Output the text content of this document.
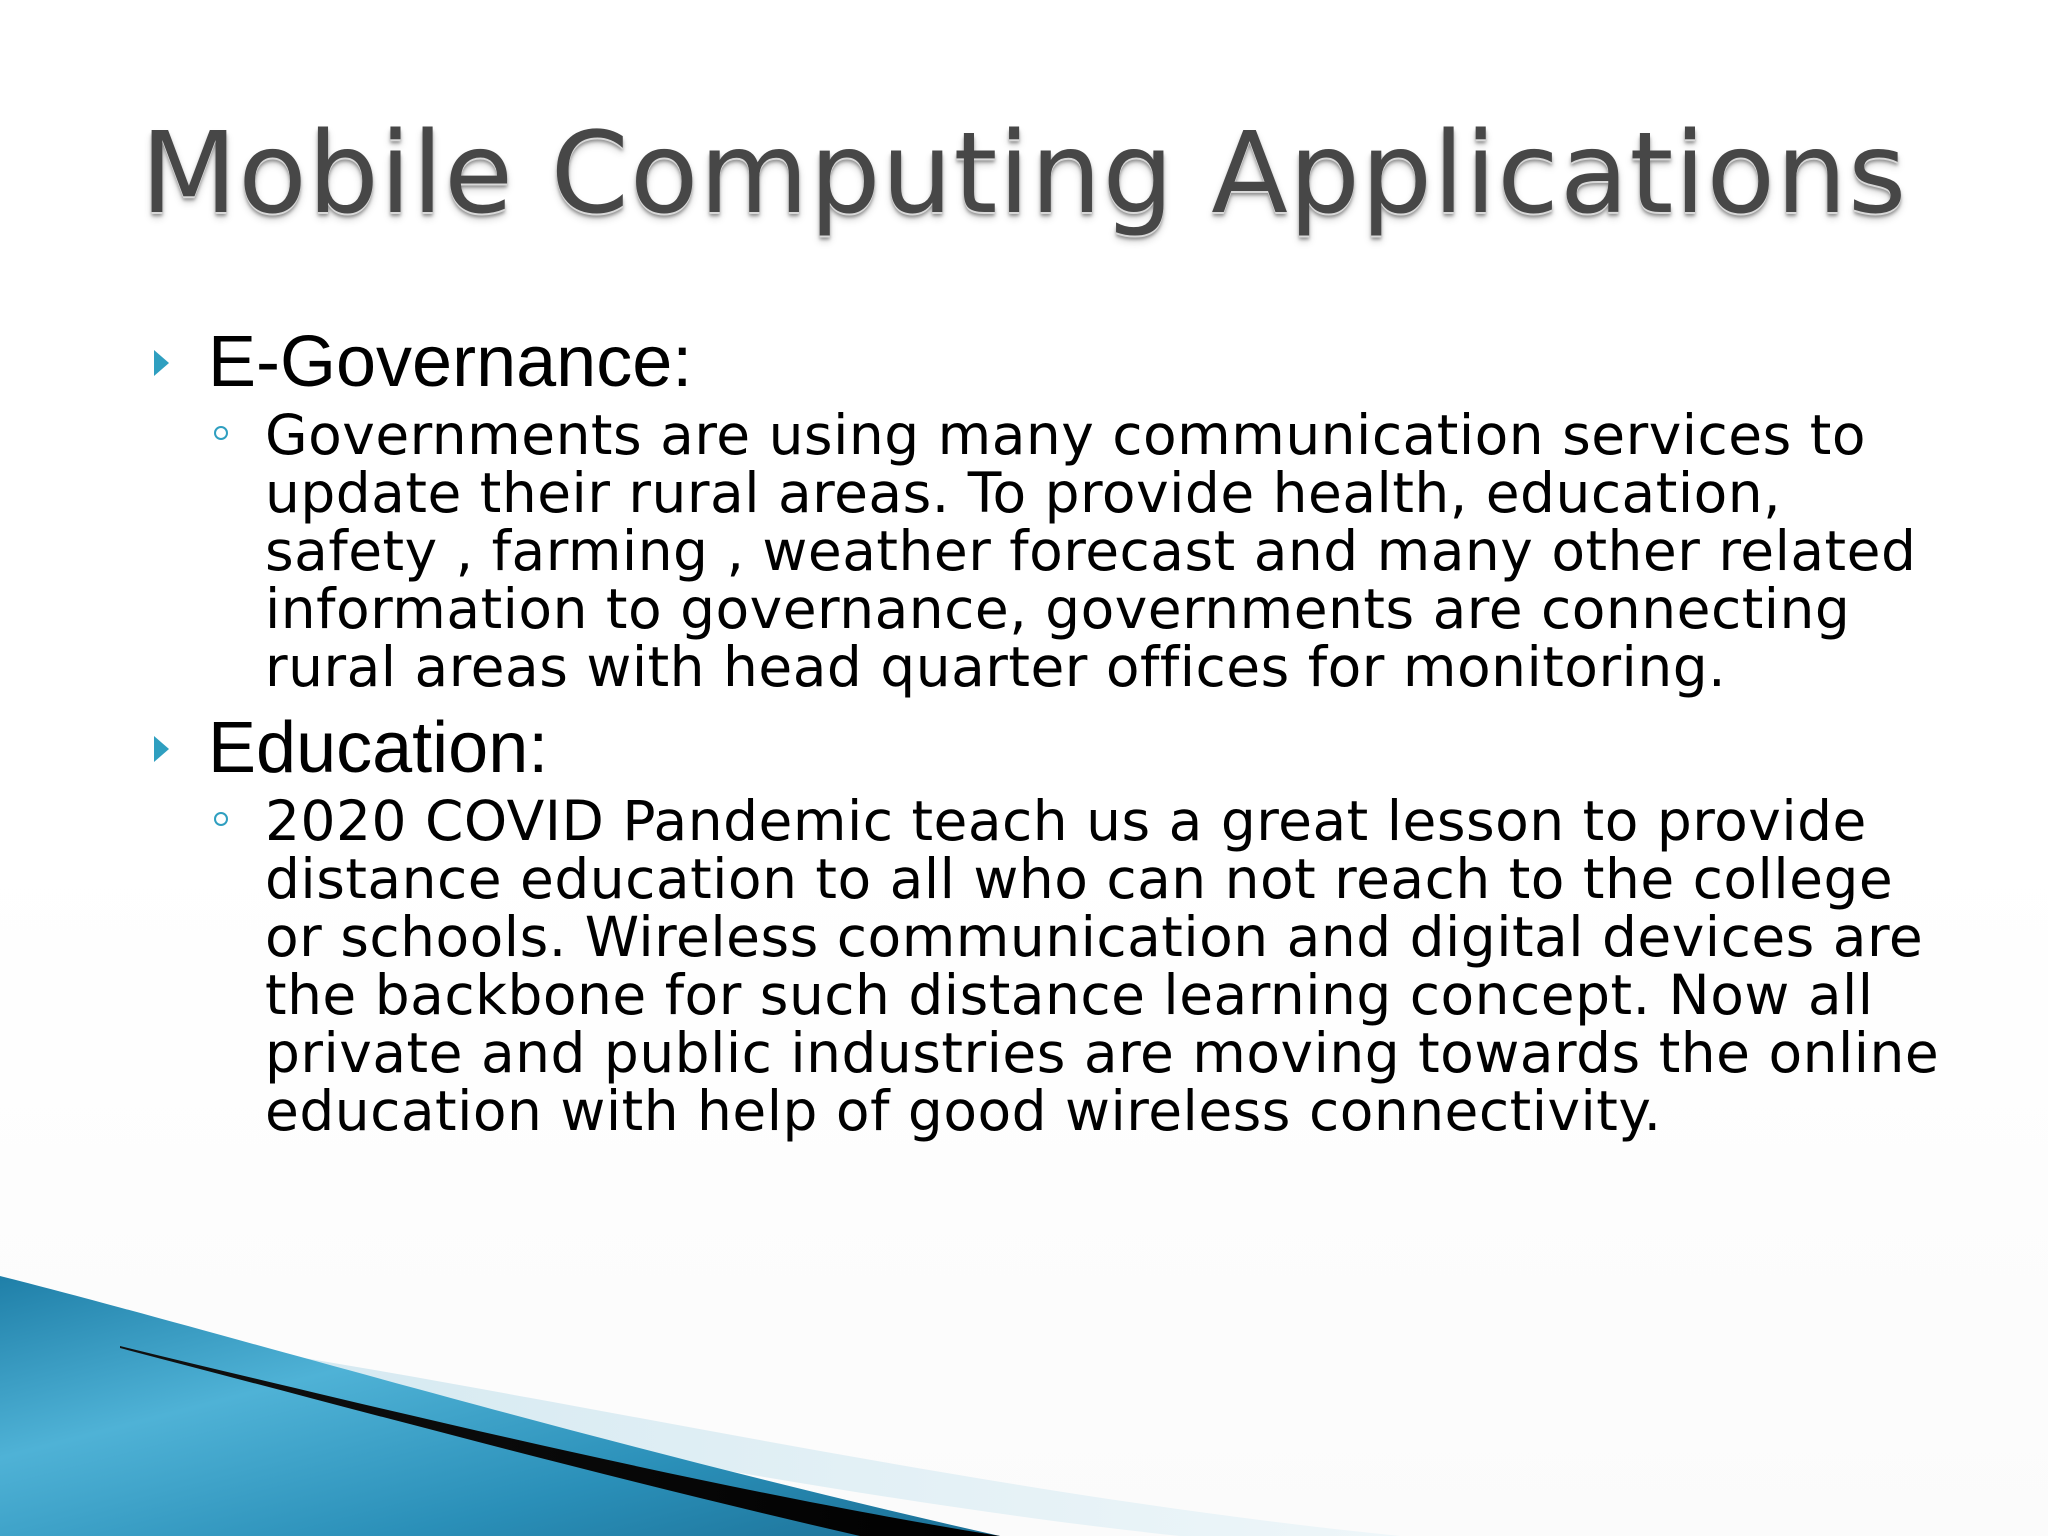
Mobile Computing Applications
E-Governance:
Governments are using many communication services to update their rural areas. To provide health, education, safety , farming , weather forecast and many other related information to governance, governments are connecting rural areas with head quarter offices for monitoring.
Education:
2020 COVID Pandemic teach us a great lesson to provide distance education to all who can not reach to the college or schools. Wireless communication and digital devices are the backbone for such distance learning concept. Now all private and public industries are moving towards the online education with help of good wireless connectivity.
